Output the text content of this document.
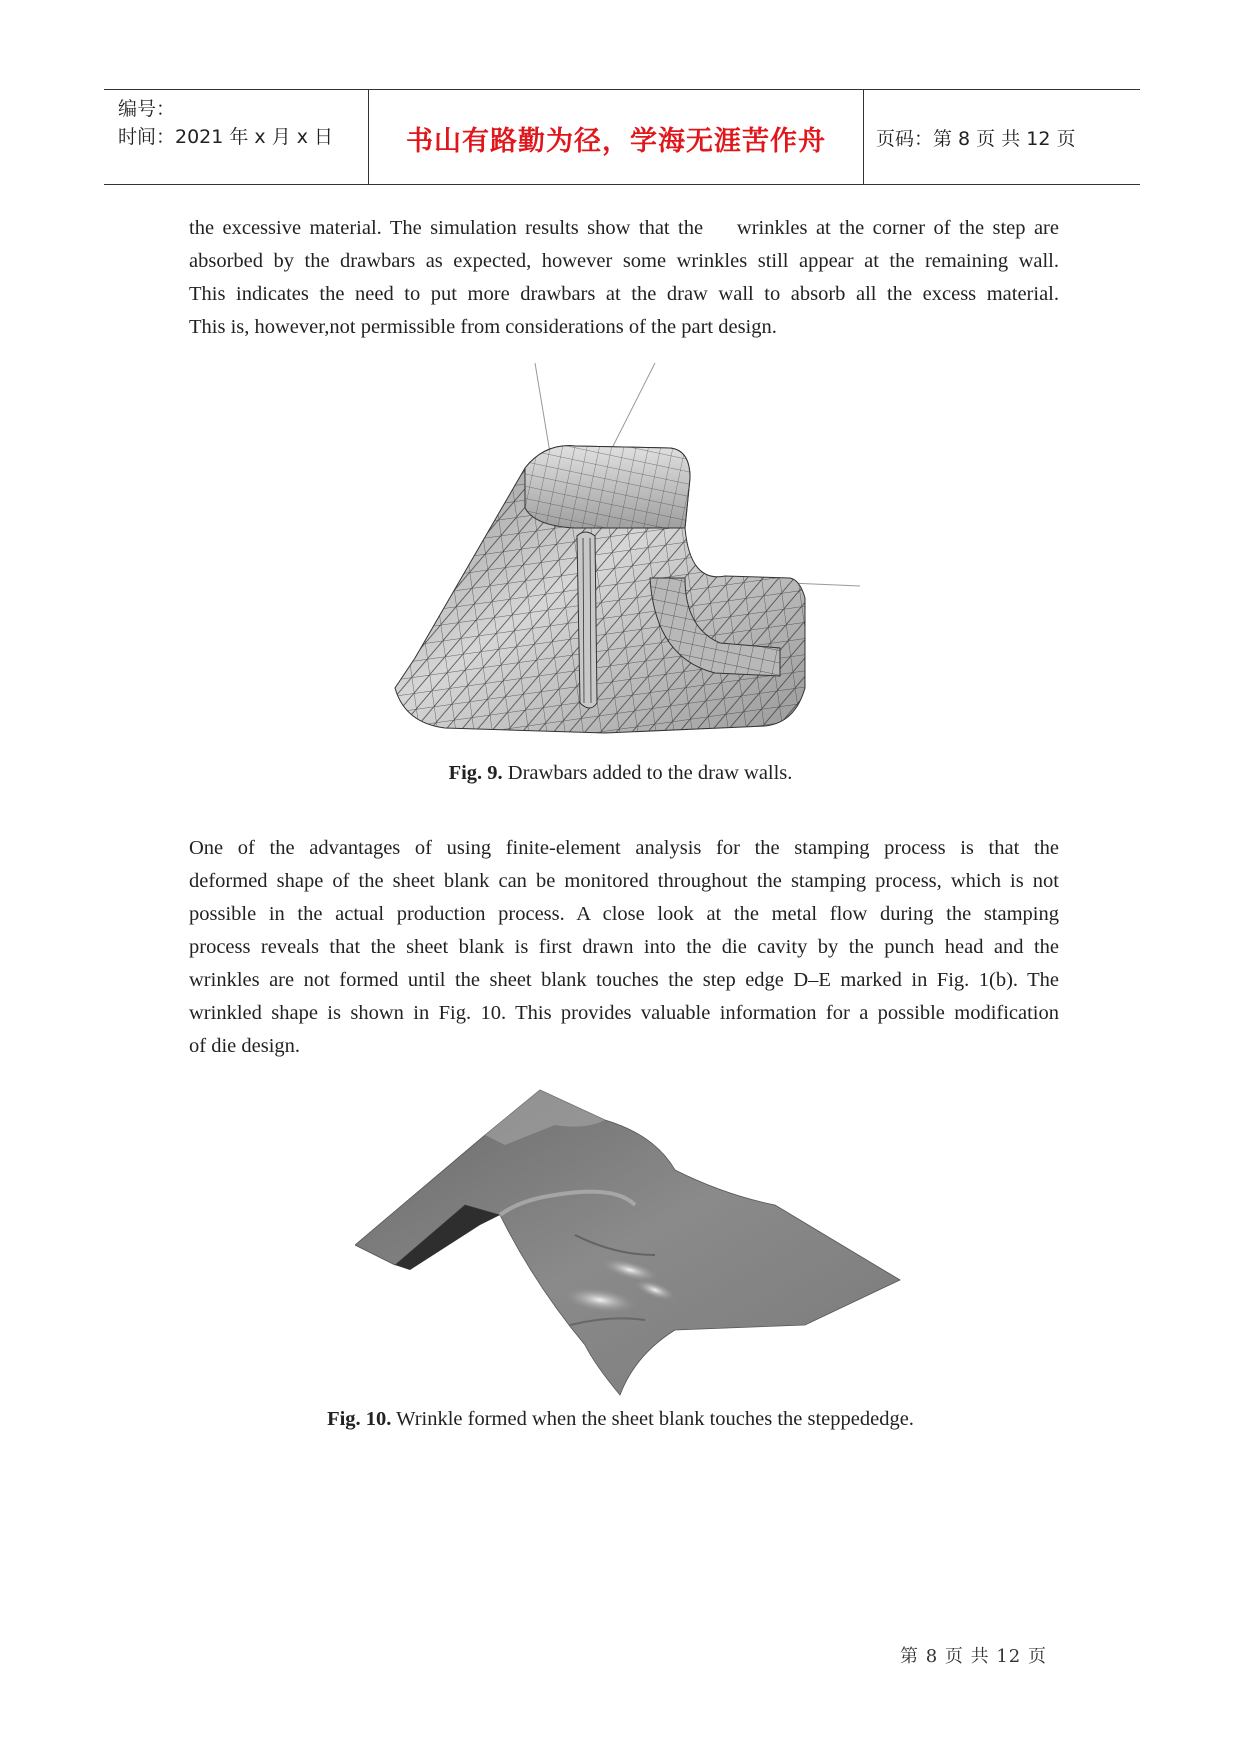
编号：
时间：2021 年 x 月 x 日	书山有路勤为径，学海无涯苦作舟	页码：第 8 页 共 12 页
the excessive material. The simulation results show that the    wrinkles at the corner of the step are
absorbed by the drawbars as expected, however some wrinkles still appear at the remaining wall.
This indicates the need to put more drawbars at the draw wall to absorb all the excess material.
This is, however,not permissible from considerations of the part design.
Fig. 9. Drawbars added to the draw walls.
One of the advantages of using finite-element analysis for the stamping process is that the
deformed shape of the sheet blank can be monitored throughout the stamping process, which is not
possible in the actual production process. A close look at the metal flow during the stamping
process reveals that the sheet blank is first drawn into the die cavity by the punch head and the
wrinkles are not formed until the sheet blank touches the step edge D–E marked in Fig. 1(b). The
wrinkled shape is shown in Fig. 10. This provides valuable information for a possible modification
of die design.
Fig. 10. Wrinkle formed when the sheet blank touches the steppededge.
第 8 页 共 12 页
